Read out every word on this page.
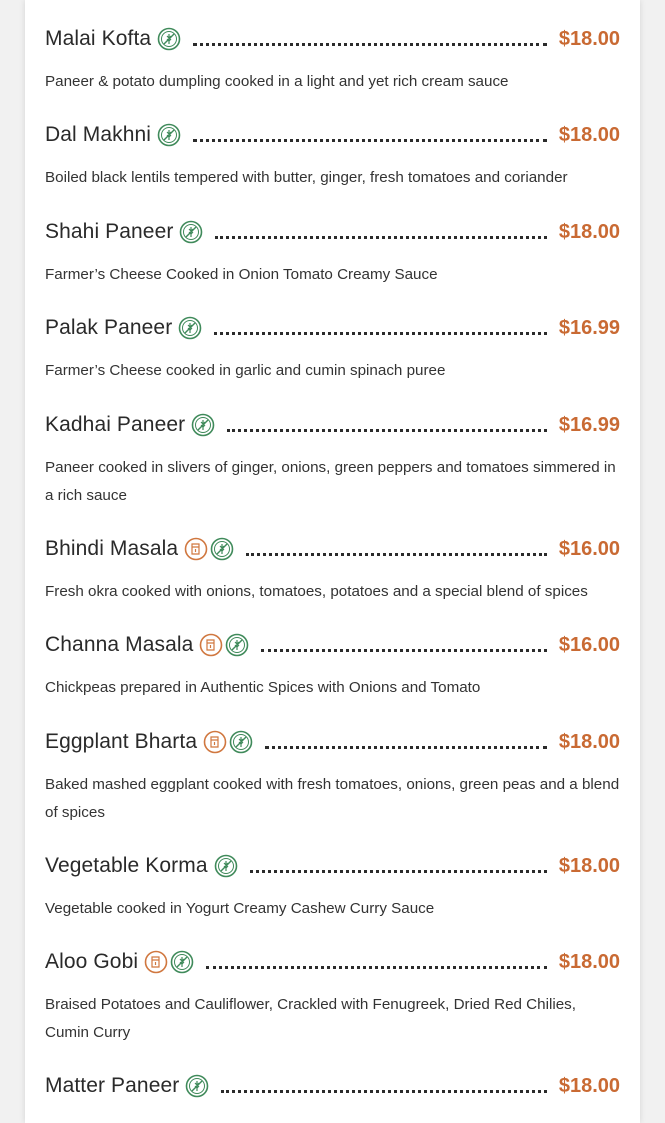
Malai Kofta	$18.00
Paneer & potato dumpling cooked in a light and yet rich cream sauce
Dal Makhni	$18.00
Boiled black lentils tempered with butter, ginger, fresh tomatoes and coriander
Shahi Paneer	$18.00
Farmer’s Cheese Cooked in Onion Tomato Creamy Sauce
Palak Paneer	$16.99
Farmer’s Cheese cooked in garlic and cumin spinach puree
Kadhai Paneer	$16.99
Paneer cooked in slivers of ginger, onions, green peppers and tomatoes simmered in a rich sauce
Bhindi Masala	$16.00
Fresh okra cooked with onions, tomatoes, potatoes and a special blend of spices
Channa Masala	$16.00
Chickpeas prepared in Authentic Spices with Onions and Tomato
Eggplant Bharta	$18.00
Baked mashed eggplant cooked with fresh tomatoes, onions, green peas and a blend of spices
Vegetable Korma	$18.00
Vegetable cooked in Yogurt Creamy Cashew Curry Sauce
Aloo Gobi	$18.00
Braised Potatoes and Cauliflower, Crackled with Fenugreek, Dried Red Chilies, Cumin Curry
Matter Paneer	$18.00
